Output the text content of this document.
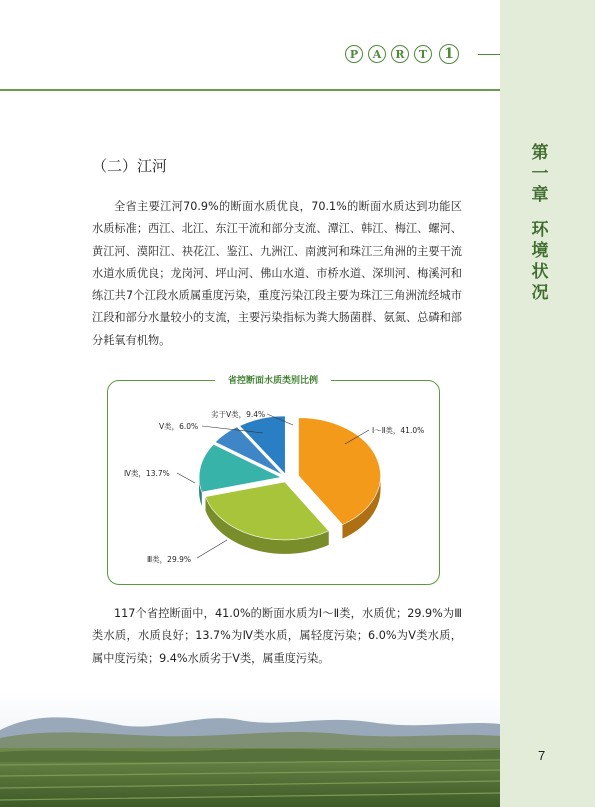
P	A	R	T	1
第
一
章
环
境
状
况
（二）江河

全省主要江河70.9%的断面水质优良，70.1%的断面水质达到功能区水质标准；西江、北江、东江干流和部分支流、潭江、韩江、梅江、螺河、黄江河、漠阳江、袂花江、鉴江、九洲江、南渡河和珠江三角洲的主要干流水道水质优良；龙岗河、坪山河、佛山水道、市桥水道、深圳河、梅溪河和练江共7个江段水质属重度污染，重度污染江段主要为珠江三角洲流经城市江段和部分水量较小的支流，主要污染指标为粪大肠菌群、氨氮、总磷和部分耗氧有机物。

Ⅰ～Ⅱ类，41.0%
Ⅲ类，29.9%
Ⅳ类，13.7%
Ⅴ类，6.0%
劣于Ⅴ类，9.4%
省控断面水质类别比例

117个省控断面中，41.0%的断面水质为Ⅰ～Ⅱ类，水质优；29.9%为Ⅲ类水质，水质良好；13.7%为Ⅳ类水质，属轻度污染；6.0%为Ⅴ类水质，属中度污染；9.4%水质劣于Ⅴ类，属重度污染。

7
